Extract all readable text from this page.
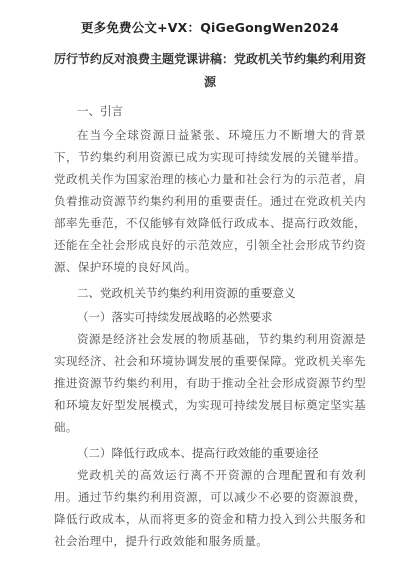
更多免费公文+VX：QiGeGongWen2024
厉行节约反对浪费主题党课讲稿：党政机关节约集约利用资源
一、引言
在当今全球资源日益紧张、环境压力不断增大的背景下，节约集约利用资源已成为实现可持续发展的关键举措。党政机关作为国家治理的核心力量和社会行为的示范者，肩负着推动资源节约集约利用的重要责任。通过在党政机关内部率先垂范，不仅能够有效降低行政成本、提高行政效能，还能在全社会形成良好的示范效应，引领全社会形成节约资源、保护环境的良好风尚。
二、党政机关节约集约利用资源的重要意义
（一）落实可持续发展战略的必然要求
资源是经济社会发展的物质基础，节约集约利用资源是实现经济、社会和环境协调发展的重要保障。党政机关率先推进资源节约集约利用，有助于推动全社会形成资源节约型和环境友好型发展模式，为实现可持续发展目标奠定坚实基础。
（二）降低行政成本、提高行政效能的重要途径
党政机关的高效运行离不开资源的合理配置和有效利用。通过节约集约利用资源，可以减少不必要的资源浪费，降低行政成本，从而将更多的资金和精力投入到公共服务和社会治理中，提升行政效能和服务质量。
